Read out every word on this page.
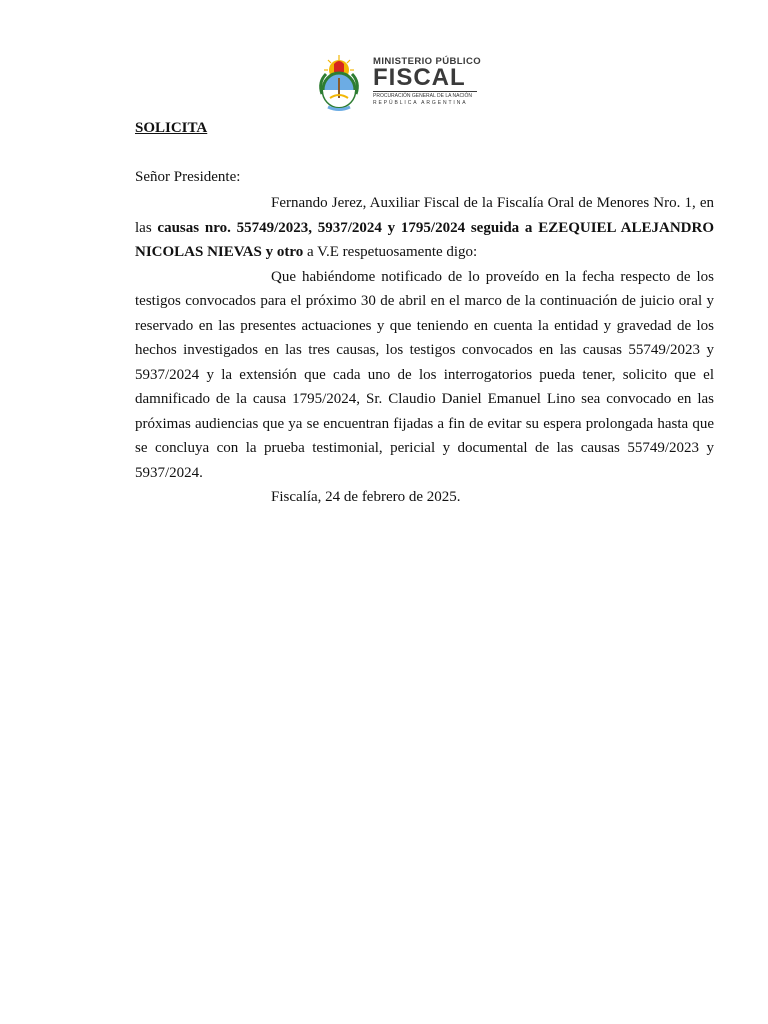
MINISTERIO PÚBLICO
FISCAL
PROCURACIÓN GENERAL DE LA NACIÓN
REPÚBLICA ARGENTINA
SOLICITA
Señor Presidente:

Fernando Jerez, Auxiliar Fiscal de la Fiscalía Oral de Menores Nro. 1, en las causas nro. 55749/2023, 5937/2024 y 1795/2024 seguida a EZEQUIEL ALEJANDRO NICOLAS NIEVAS y otro a V.E respetuosamente digo:

Que habiéndome notificado de lo proveído en la fecha respecto de los testigos convocados para el próximo 30 de abril en el marco de la continuación de juicio oral y reservado en las presentes actuaciones y que teniendo en cuenta la entidad y gravedad de los hechos investigados en las tres causas, los testigos convocados en las causas 55749/2023 y 5937/2024 y la extensión que cada uno de los interrogatorios pueda tener, solicito que el damnificado de la causa 1795/2024, Sr. Claudio Daniel Emanuel Lino sea convocado en las próximas audiencias que ya se encuentran fijadas a fin de evitar su espera prolongada hasta que se concluya con la prueba testimonial, pericial y documental de las causas 55749/2023 y 5937/2024.

Fiscalía, 24 de febrero de 2025.
